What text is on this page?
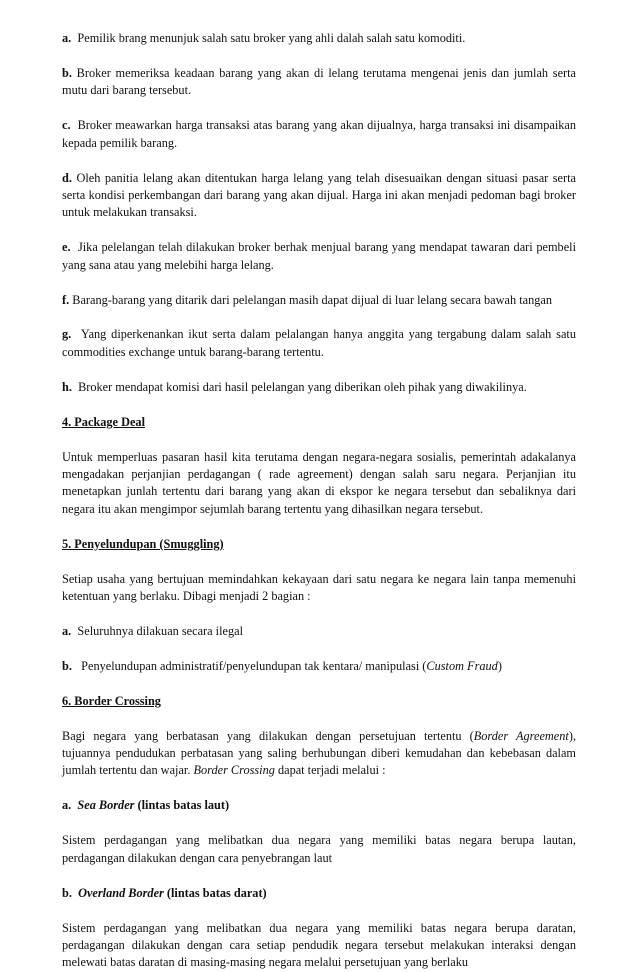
a. Pemilik brang menunjuk salah satu broker yang ahli dalah salah satu komoditi.

b. Broker memeriksa keadaan barang yang akan di lelang terutama mengenai jenis dan jumlah serta mutu dari barang tersebut.

c. Broker meawarkan harga transaksi atas barang yang akan dijualnya, harga transaksi ini disampaikan kepada pemilik barang.

d. Oleh panitia lelang akan ditentukan harga lelang yang telah disesuaikan dengan situasi pasar serta serta kondisi perkembangan dari barang yang akan dijual. Harga ini akan menjadi pedoman bagi broker untuk melakukan transaksi.

e. Jika pelelangan telah dilakukan broker berhak menjual barang yang mendapat tawaran dari pembeli yang sana atau yang melebihi harga lelang.

f. Barang-barang yang ditarik dari pelelangan masih dapat dijual di luar lelang secara bawah tangan

g. Yang diperkenankan ikut serta dalam pelalangan hanya anggita yang tergabung dalam salah satu commodities exchange untuk barang-barang tertentu.

h. Broker mendapat komisi dari hasil pelelangan yang diberikan oleh pihak yang diwakilinya.

4. Package Deal

Untuk memperluas pasaran hasil kita terutama dengan negara-negara sosialis, pemerintah adakalanya mengadakan perjanjian perdagangan ( rade agreement) dengan salah saru negara. Perjanjian itu menetapkan junlah tertentu dari barang yang akan di ekspor ke negara tersebut dan sebaliknya dari negara itu akan mengimpor sejumlah barang tertentu yang dihasilkan negara tersebut.

5. Penyelundupan (Smuggling)

Setiap usaha yang bertujuan memindahkan kekayaan dari satu negara ke negara lain tanpa memenuhi ketentuan yang berlaku. Dibagi menjadi 2 bagian :

a. Seluruhnya dilakuan secara ilegal

b. Penyelundupan administratif/penyelundupan tak kentara/ manipulasi (Custom Fraud)

6. Border Crossing

Bagi negara yang berbatasan yang dilakukan dengan persetujuan tertentu (Border Agreement), tujuannya pendudukan perbatasan yang saling berhubungan diberi kemudahan dan kebebasan dalam jumlah tertentu dan wajar. Border Crossing dapat terjadi melalui :

a. Sea Border (lintas batas laut)

Sistem perdagangan yang melibatkan dua negara yang memiliki batas negara berupa lautan, perdagangan dilakukan dengan cara penyebrangan laut

b. Overland Border (lintas batas darat)

Sistem perdagangan yang melibatkan dua negara yang memiliki batas negara berupa daratan, perdagangan dilakukan dengan cara setiap pendudik negara tersebut melakukan interaksi dengan melewati batas daratan di masing-masing negara melalui persetujuan yang berlaku
